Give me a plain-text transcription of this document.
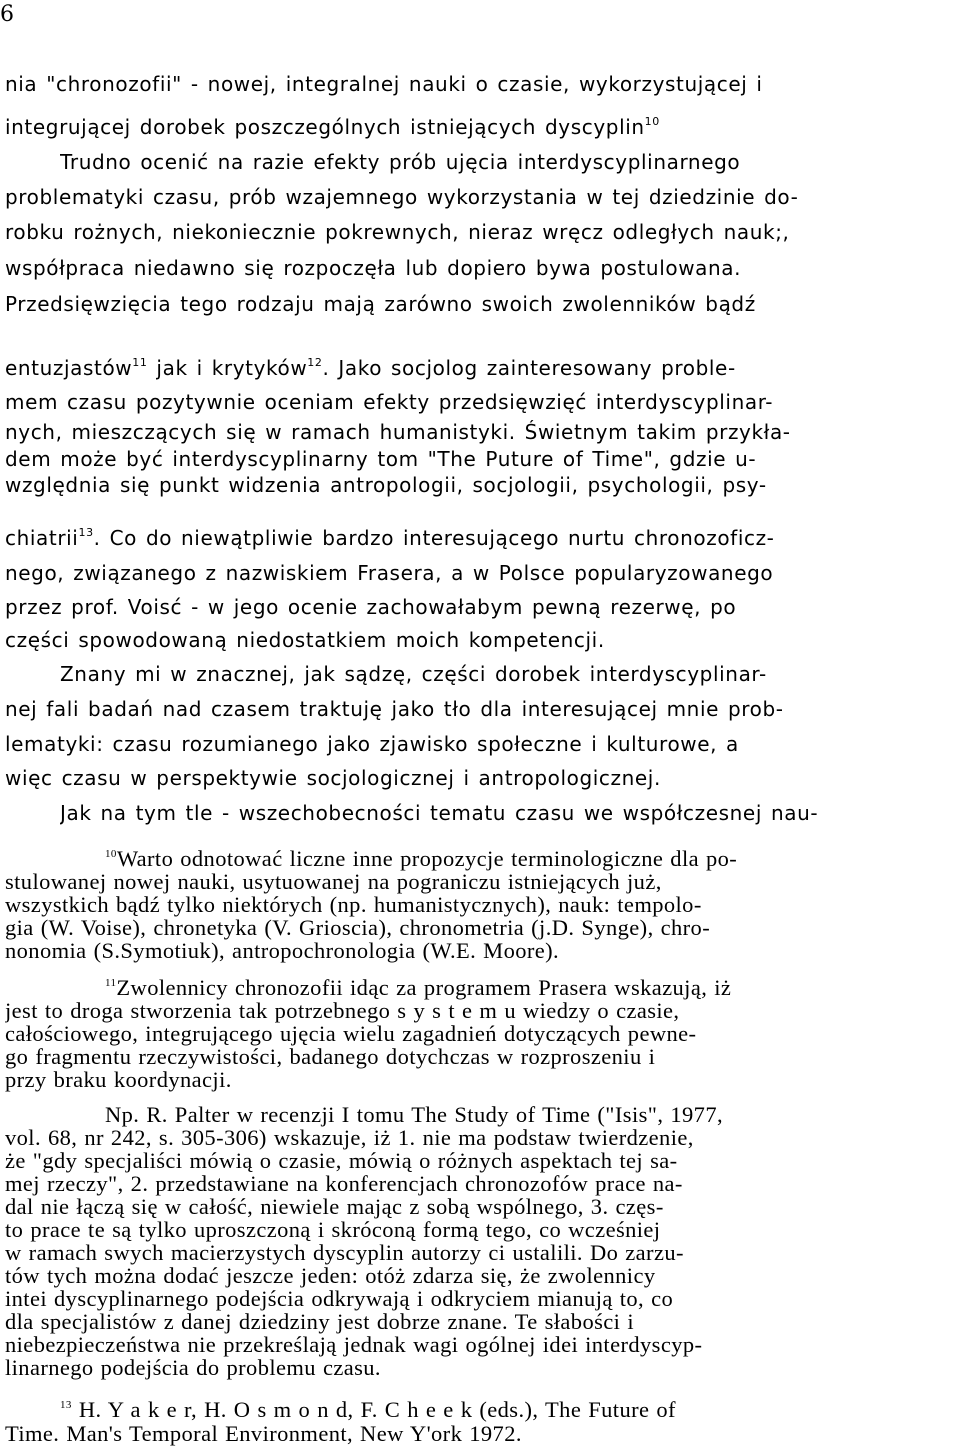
6
nia "chronozofii" - nowej, integralnej nauki o czasie, wykorzystującej i
integrującej dorobek poszczególnych istniejących dyscyplin$^{10}$
Trudno ocenić na razie efekty prób ujęcia interdyscyplinarnego
problematyki czasu, prób wzajemnego wykorzystania w tej dziedzinie do-
robku rożnych, niekoniecznie pokrewnych, nieraz wręcz odległych nauk;,
współpraca niedawno się rozpoczęła lub dopiero bywa postulowana.
Przedsięwzięcia tego rodzaju mają zarówno swoich zwolenników bądź
entuzjastów$^{11}$ jak i krytyków$^{12}$. Jako socjolog zainteresowany proble-
mem czasu pozytywnie oceniam efekty przedsięwzięć interdyscyplinar-
nych, mieszczących się w ramach humanistyki. Świetnym takim przykła-
dem może być interdyscyplinarny tom "The Puture of Time", gdzie u-
względnia się punkt widzenia antropologii, socjologii, psychologii, psy-
chiatrii$^{13}$. Co do niewątpliwie bardzo interesującego nurtu chronozoficz-
nego, związanego z nazwiskiem Frasera, a w Polsce popularyzowanego
przez prof. Voisć - w jego ocenie zachowałabym pewną rezerwę, po
części spowodowaną niedostatkiem moich kompetencji.
Znany mi w znacznej, jak sądzę, części dorobek interdyscyplinar-
nej fali badań nad czasem traktuję jako tło dla interesującej mnie prob-
lematyki: czasu rozumianego jako zjawisko społeczne i kulturowe, a
więc czasu w perspektywie socjologicznej i antropologicznej.
Jak na tym tle - wszechobecności tematu czasu we współczesnej nau-
$^{10}$Warto odnotować liczne inne propozycje terminologiczne dla po-
stulowanej nowej nauki, usytuowanej na pograniczu istniejących już,
wszystkich bądź tylko niektórych (np. humanistycznych), nauk: tempolo-
gia (W. Voise), chronetyka (V. Grioscia), chronometria (j.D. Synge), chro-
nonomia (S.Symotiuk), antropochronologia (W.E. Moore).
$^{11}$Zwolennicy chronozofii idąc za programem Prasera wskazują, iż
jest to droga stworzenia tak potrzebnego s y s t e m u wiedzy o czasie,
całościowego, integrującego ujęcia wielu zagadnień dotyczących pewne-
go fragmentu rzeczywistości, badanego dotychczas w rozproszeniu i
przy braku koordynacji.
Np. R. Palter w recenzji I tomu The Study of Time ("Isis", 1977,
vol. 68, nr 242, s. 305-306) wskazuje, iż 1. nie ma podstaw twierdzenie,
że "gdy specjaliści mówią o czasie, mówią o różnych aspektach tej sa-
mej rzeczy", 2. przedstawiane na konferencjach chronozofów prace na-
dal nie łączą się w całość, niewiele mając z sobą wspólnego, 3. częs-
to prace te są tylko uproszczoną i skróconą formą tego, co wcześniej
w ramach swych macierzystych dyscyplin autorzy ci ustalili. Do zarzu-
tów tych można dodać jeszcze jeden: otóż zdarza się, że zwolennicy
intei dyscyplinarnego podejścia odkrywają i odkryciem mianują to, co
dla specjalistów z danej dziedziny jest dobrze znane. Te słabości i
niebezpieczeństwa nie przekreślają jednak wagi ogólnej idei interdyscyp-
linarnego podejścia do problemu czasu.
$^{13}$ H. Y a k e r, H. O s m o n d, F. C h e e k (eds.), The Future of
Time. Man's Temporal Environment, New Y'ork 1972.
